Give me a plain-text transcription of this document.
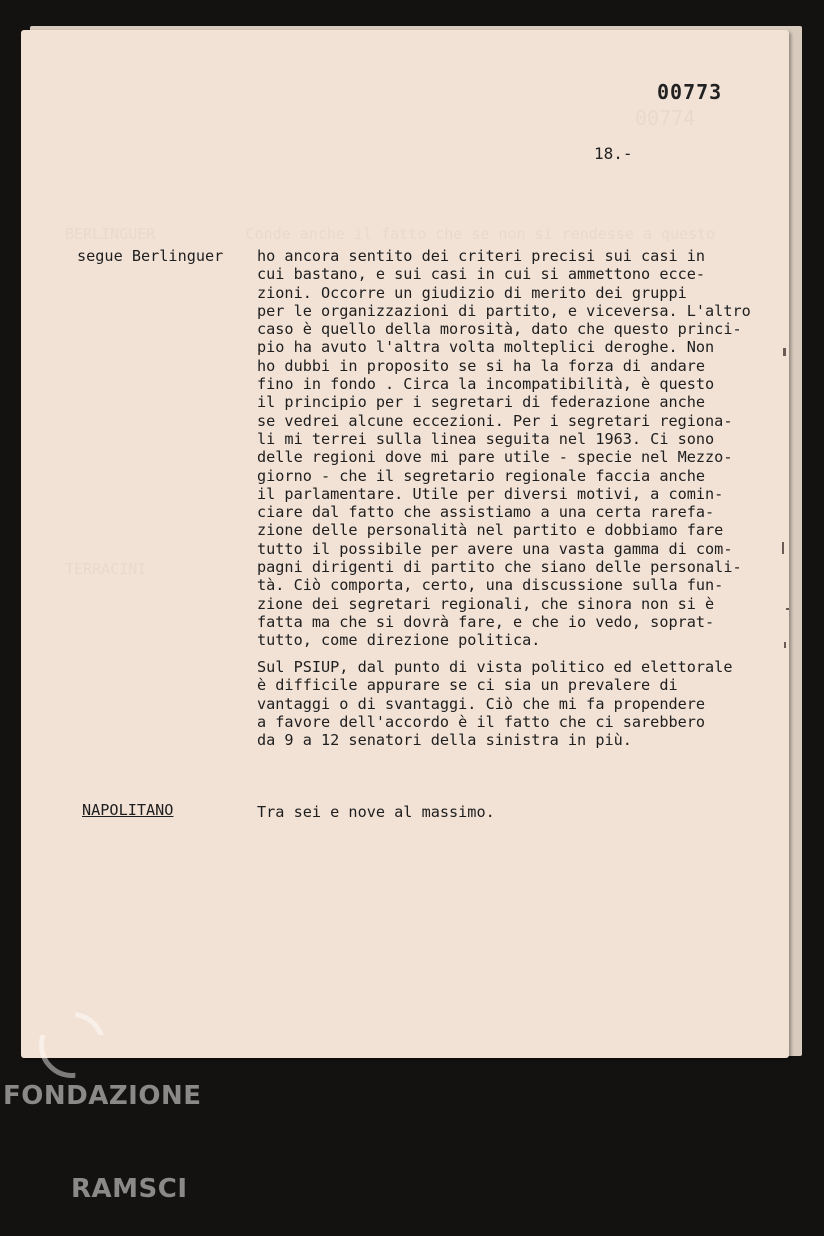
BERLINGUER          Conde anche il fatto che se non si rendesse a questo
TERRACINI
00774
00773
18.-
segue Berlinguer ho ancora sentito dei criteri precisi sui casi in
cui bastano, e sui casi in cui si ammettono ecce-
zioni. Occorre un giudizio di merito dei gruppi
per le organizzazioni di partito, e viceversa. L'altro
caso è quello della morosità, dato che questo princi-
pio ha avuto l'altra volta molteplici deroghe. Non
ho dubbi in proposito se si ha la forza di andare
fino in fondo . Circa la incompatibilità, è questo
il principio per i segretari di federazione anche
se vedrei alcune eccezioni. Per i segretari regiona-
li mi terrei sulla linea seguita nel 1963. Ci sono
delle regioni dove mi pare utile - specie nel Mezzo-
giorno - che il segretario regionale faccia anche
il parlamentare. Utile per diversi motivi, a comin-
ciare dal fatto che assistiamo a una certa rarefa-
zione delle personalità nel partito e dobbiamo fare
tutto il possibile per avere una vasta gamma di com-
pagni dirigenti di partito che siano delle personali-
tà. Ciò comporta, certo, una discussione sulla fun-
zione dei segretari regionali, che sinora non si è
fatta ma che si dovrà fare, e che io vedo, soprat-
tutto, come direzione politica.
Sul PSIUP, dal punto di vista politico ed elettorale
è difficile appurare se ci sia un prevalere di
vantaggi o di svantaggi. Ciò che mi fa propendere
a favore dell'accordo è il fatto che ci sarebbero
da 9 a 12 senatori della sinistra in più.
NAPOLITANO	Tra sei e nove al massimo.

FONDAZIONE

RAMSCI
